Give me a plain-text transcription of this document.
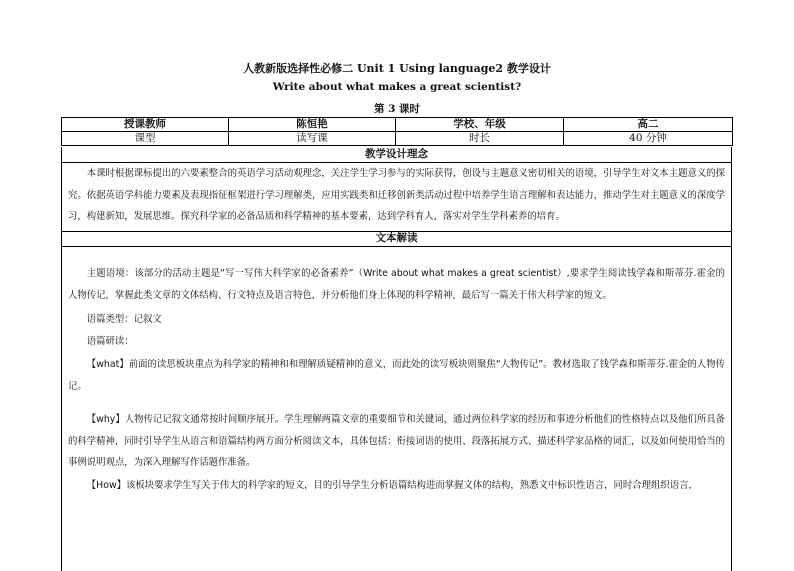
人教新版选择性必修二 Unit 1 Using language2 教学设计
Write about what makes a great scientist?
第 3 课时
授课教师	陈恒艳	学校、年级	高二
课型	读写课	时长	40 分钟
教学设计理念
本课时根据课标提出的六要素整合的英语学习活动观理念，关注学生学习参与的实际获得，创设与主题意义密切相关的语境，引导学生对文本主题意义的探究。依据英语学科能力要素及表现指征框架进行学习理解类，应用实践类和迁移创新类活动过程中培养学生语言理解和表达能力，推动学生对主题意义的深度学习，构建新知，发展思维。探究科学家的必备品质和科学精神的基本要素，达到学科育人，落实对学生学科素养的培育。
文本解读
主题语境：该部分的活动主题是“写一写伟大科学家的必备素养”（Write about what makes a great scientist）,要求学生阅读钱学森和斯蒂芬.霍金的人物传记，掌握此类文章的文体结构、行文特点及语言特色，并分析他们身上体现的科学精神，最后写一篇关于伟大科学家的短文。
语篇类型：记叙文
语篇研读：
【what】前面的读思板块重点为科学家的精神和和理解质疑精神的意义，而此处的读写板块则聚焦“人物传记”。教材选取了钱学森和斯蒂芬.霍金的人物传记。
【why】人物传记记叙文通常按时间顺序展开。学生理解两篇文章的重要细节和关键词，通过两位科学家的经历和事迹分析他们的性格特点以及他们所具备的科学精神，同时引导学生从语言和语篇结构两方面分析阅读文本，具体包括：衔接词语的使用、段落拓展方式、描述科学家品格的词汇，以及如何使用恰当的事例说明观点，为深入理解写作话题作准备。
【How】该板块要求学生写关于伟大的科学家的短文，目的引导学生分析语篇结构进而掌握文体的结构，熟悉文中标识性语言，同时合理组织语言，
